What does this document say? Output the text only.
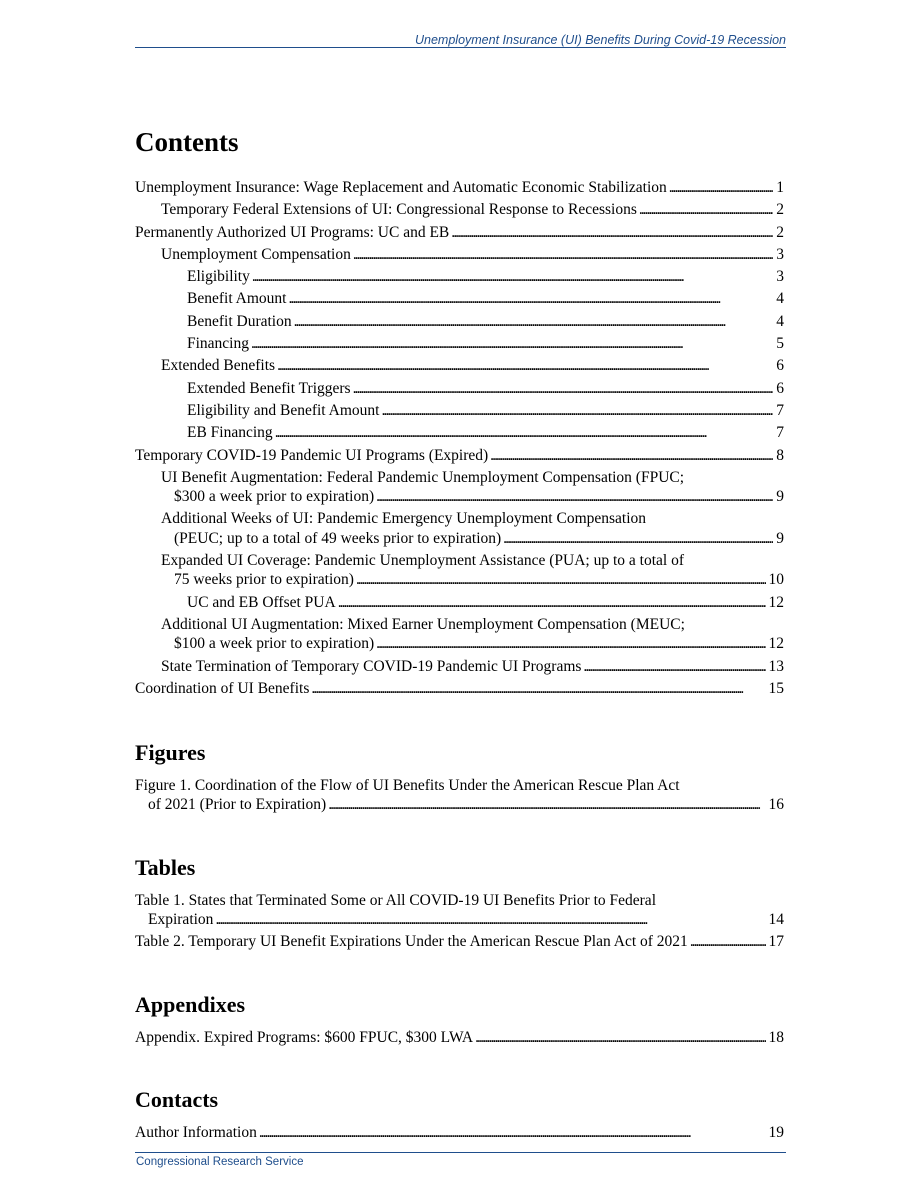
Unemployment Insurance (UI) Benefits During Covid-19 Recession
Contents
Unemployment Insurance: Wage Replacement and Automatic Economic Stabilization . . .	1
Temporary Federal Extensions of UI: Congressional Response to Recessions . . .	2
Permanently Authorized UI Programs: UC and EB . . .	2
Unemployment Compensation . . .	3
Eligibility . . .	3
Benefit Amount . . .	4
Benefit Duration . . .	4
Financing . . .	5
Extended Benefits . . .	6
Extended Benefit Triggers . . .	6
Eligibility and Benefit Amount . . .	7
EB Financing . . .	7
Temporary COVID-19 Pandemic UI Programs (Expired) . . .	8
UI Benefit Augmentation: Federal Pandemic Unemployment Compensation (FPUC;
$300 a week prior to expiration) . . .	9
Additional Weeks of UI: Pandemic Emergency Unemployment Compensation
(PEUC; up to a total of 49 weeks prior to expiration) . . .	9
Expanded UI Coverage: Pandemic Unemployment Assistance (PUA; up to a total of
75 weeks prior to expiration) . . .	10
UC and EB Offset PUA . . .	12
Additional UI Augmentation: Mixed Earner Unemployment Compensation (MEUC;
$100 a week prior to expiration) . . .	12
State Termination of Temporary COVID-19 Pandemic UI Programs . . .	13
Coordination of UI Benefits . . .	15
Figures
Figure 1. Coordination of the Flow of UI Benefits Under the American Rescue Plan Act
of 2021 (Prior to Expiration) . . .	16
Tables
Table 1. States that Terminated Some or All COVID-19 UI Benefits Prior to Federal
Expiration . . .	14
Table 2. Temporary UI Benefit Expirations Under the American Rescue Plan Act of 2021 . . .	17
Appendixes
Appendix. Expired Programs: $600 FPUC, $300 LWA . . .	18
Contacts
Author Information . . .	19
Congressional Research Service
